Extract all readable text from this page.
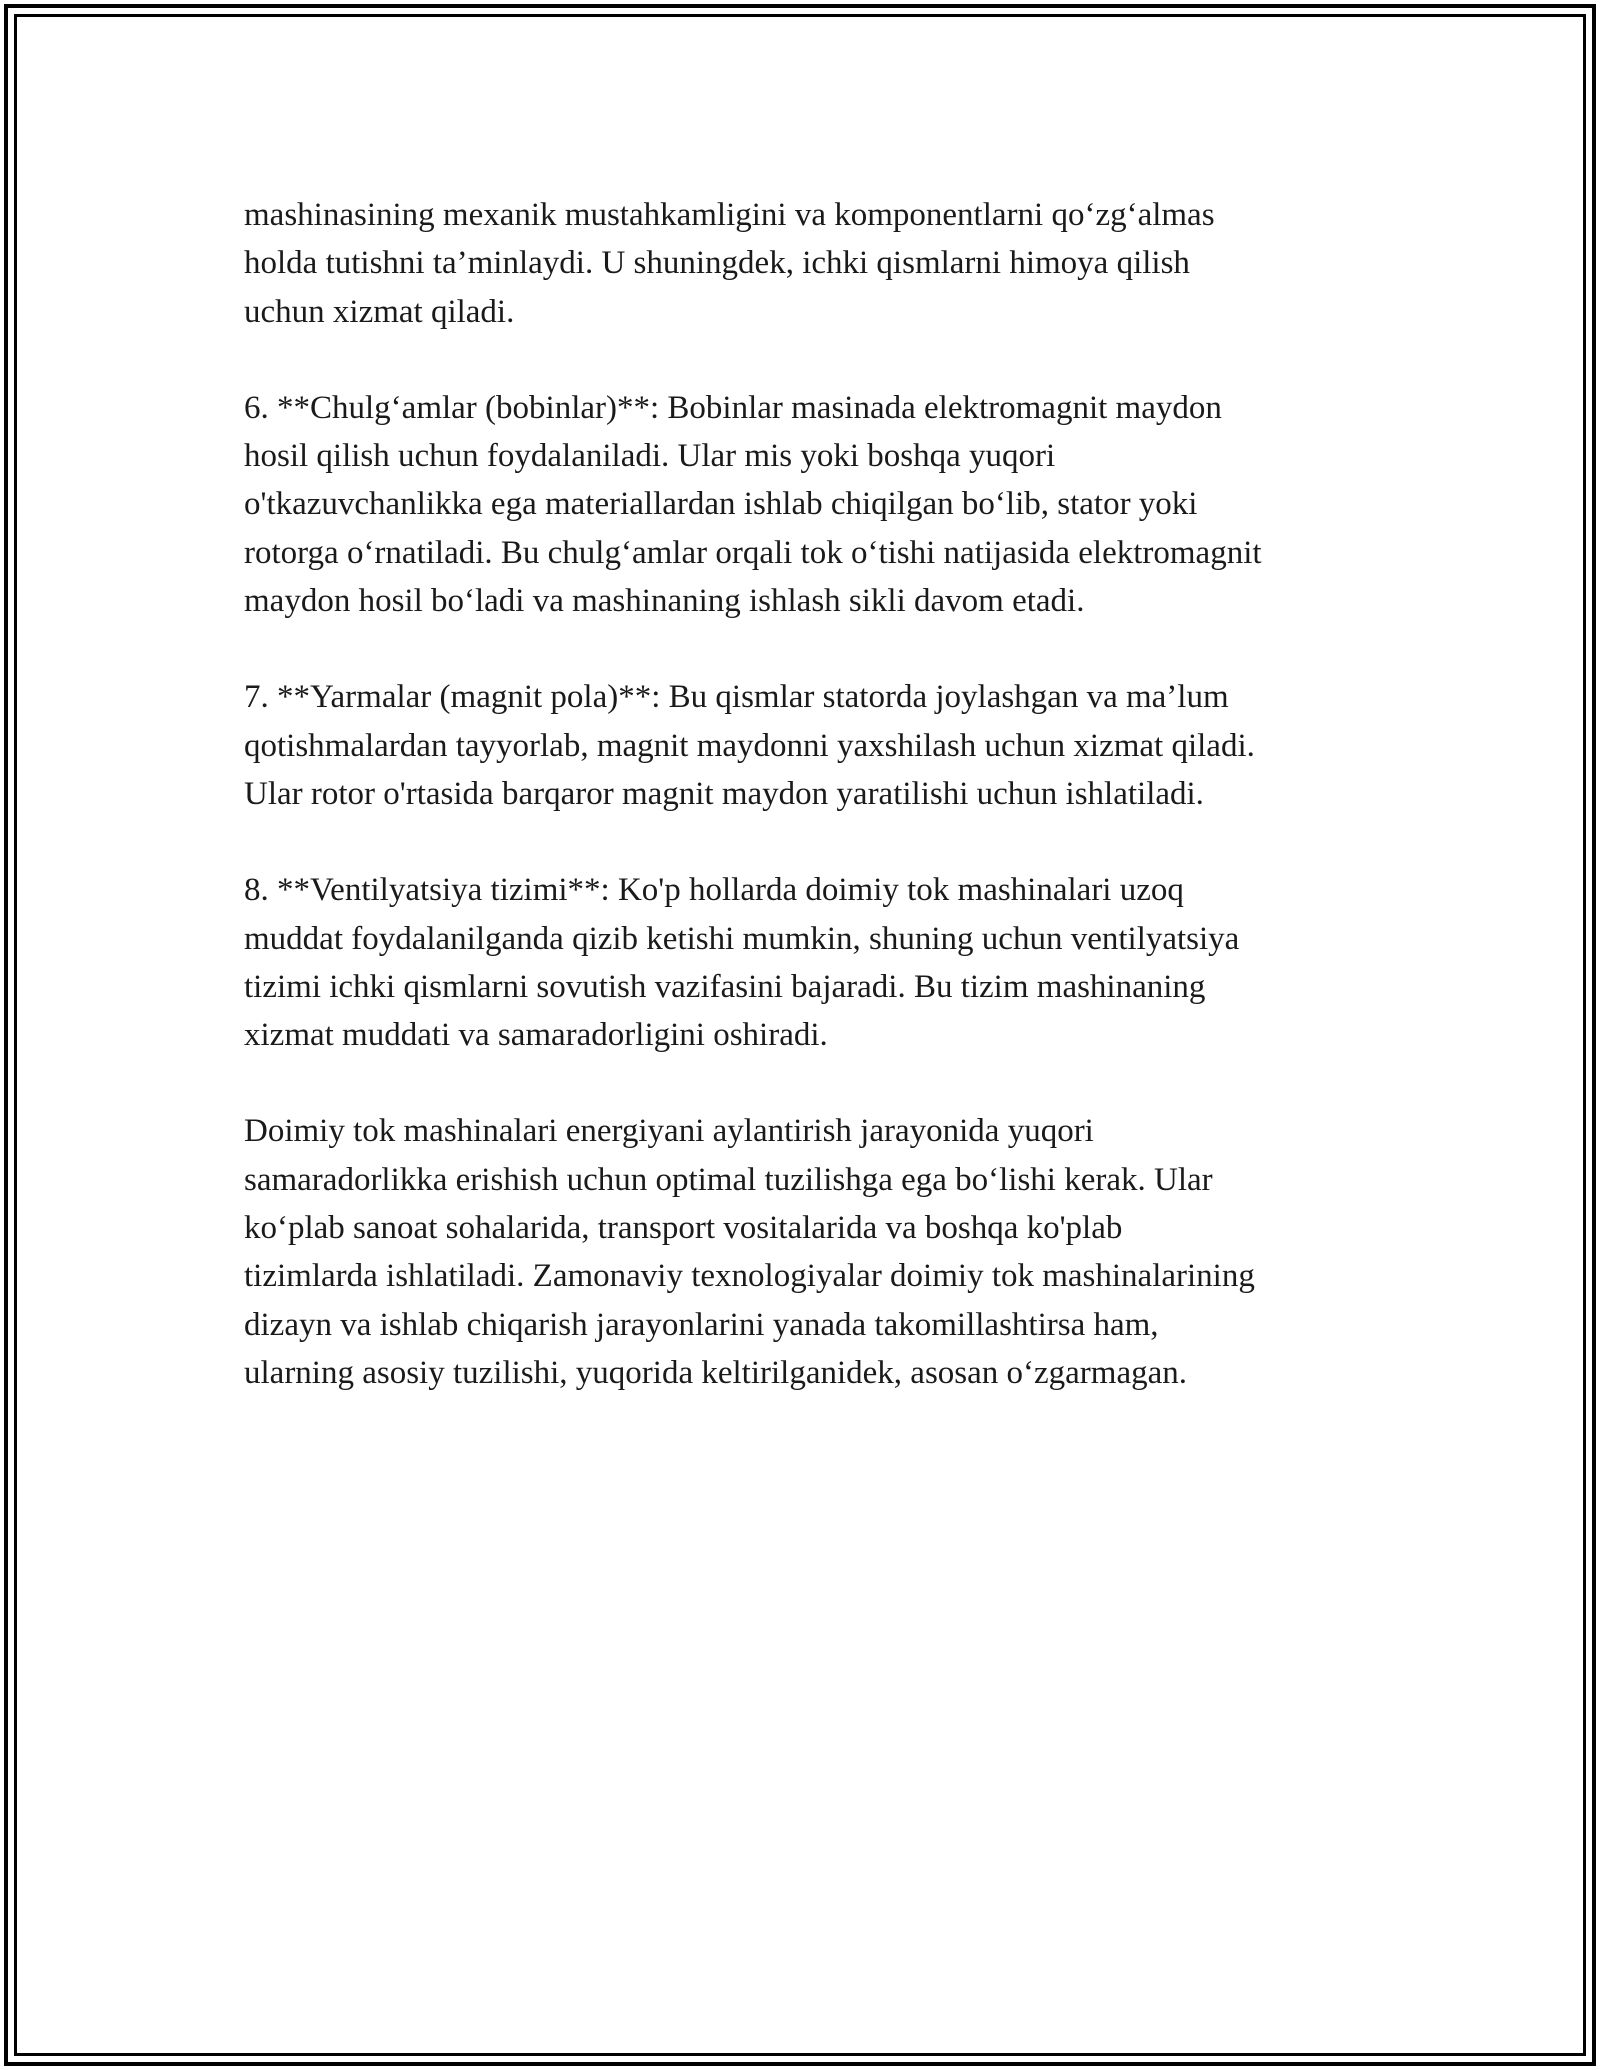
mashinasining mexanik mustahkamligini va komponentlarni qo‘zg‘almas
holda tutishni ta’minlaydi. U shuningdek, ichki qismlarni himoya qilish
uchun xizmat qiladi.

6. **Chulg‘amlar (bobinlar)**: Bobinlar masinada elektromagnit maydon
hosil qilish uchun foydalaniladi. Ular mis yoki boshqa yuqori
o'tkazuvchanlikka ega materiallardan ishlab chiqilgan bo‘lib, stator yoki
rotorga o‘rnatiladi. Bu chulg‘amlar orqali tok o‘tishi natijasida elektromagnit
maydon hosil bo‘ladi va mashinaning ishlash sikli davom etadi.

7. **Yarmalar (magnit pola)**: Bu qismlar statorda joylashgan va ma’lum
qotishmalardan tayyorlab, magnit maydonni yaxshilash uchun xizmat qiladi.
Ular rotor o'rtasida barqaror magnit maydon yaratilishi uchun ishlatiladi.

8. **Ventilyatsiya tizimi**: Ko'p hollarda doimiy tok mashinalari uzoq
muddat foydalanilganda qizib ketishi mumkin, shuning uchun ventilyatsiya
tizimi ichki qismlarni sovutish vazifasini bajaradi. Bu tizim mashinaning
xizmat muddati va samaradorligini oshiradi.

Doimiy tok mashinalari energiyani aylantirish jarayonida yuqori
samaradorlikka erishish uchun optimal tuzilishga ega bo‘lishi kerak. Ular
ko‘plab sanoat sohalarida, transport vositalarida va boshqa ko'plab
tizimlarda ishlatiladi. Zamonaviy texnologiyalar doimiy tok mashinalarining
dizayn va ishlab chiqarish jarayonlarini yanada takomillashtirsa ham,
ularning asosiy tuzilishi, yuqorida keltirilganidek, asosan o‘zgarmagan.
